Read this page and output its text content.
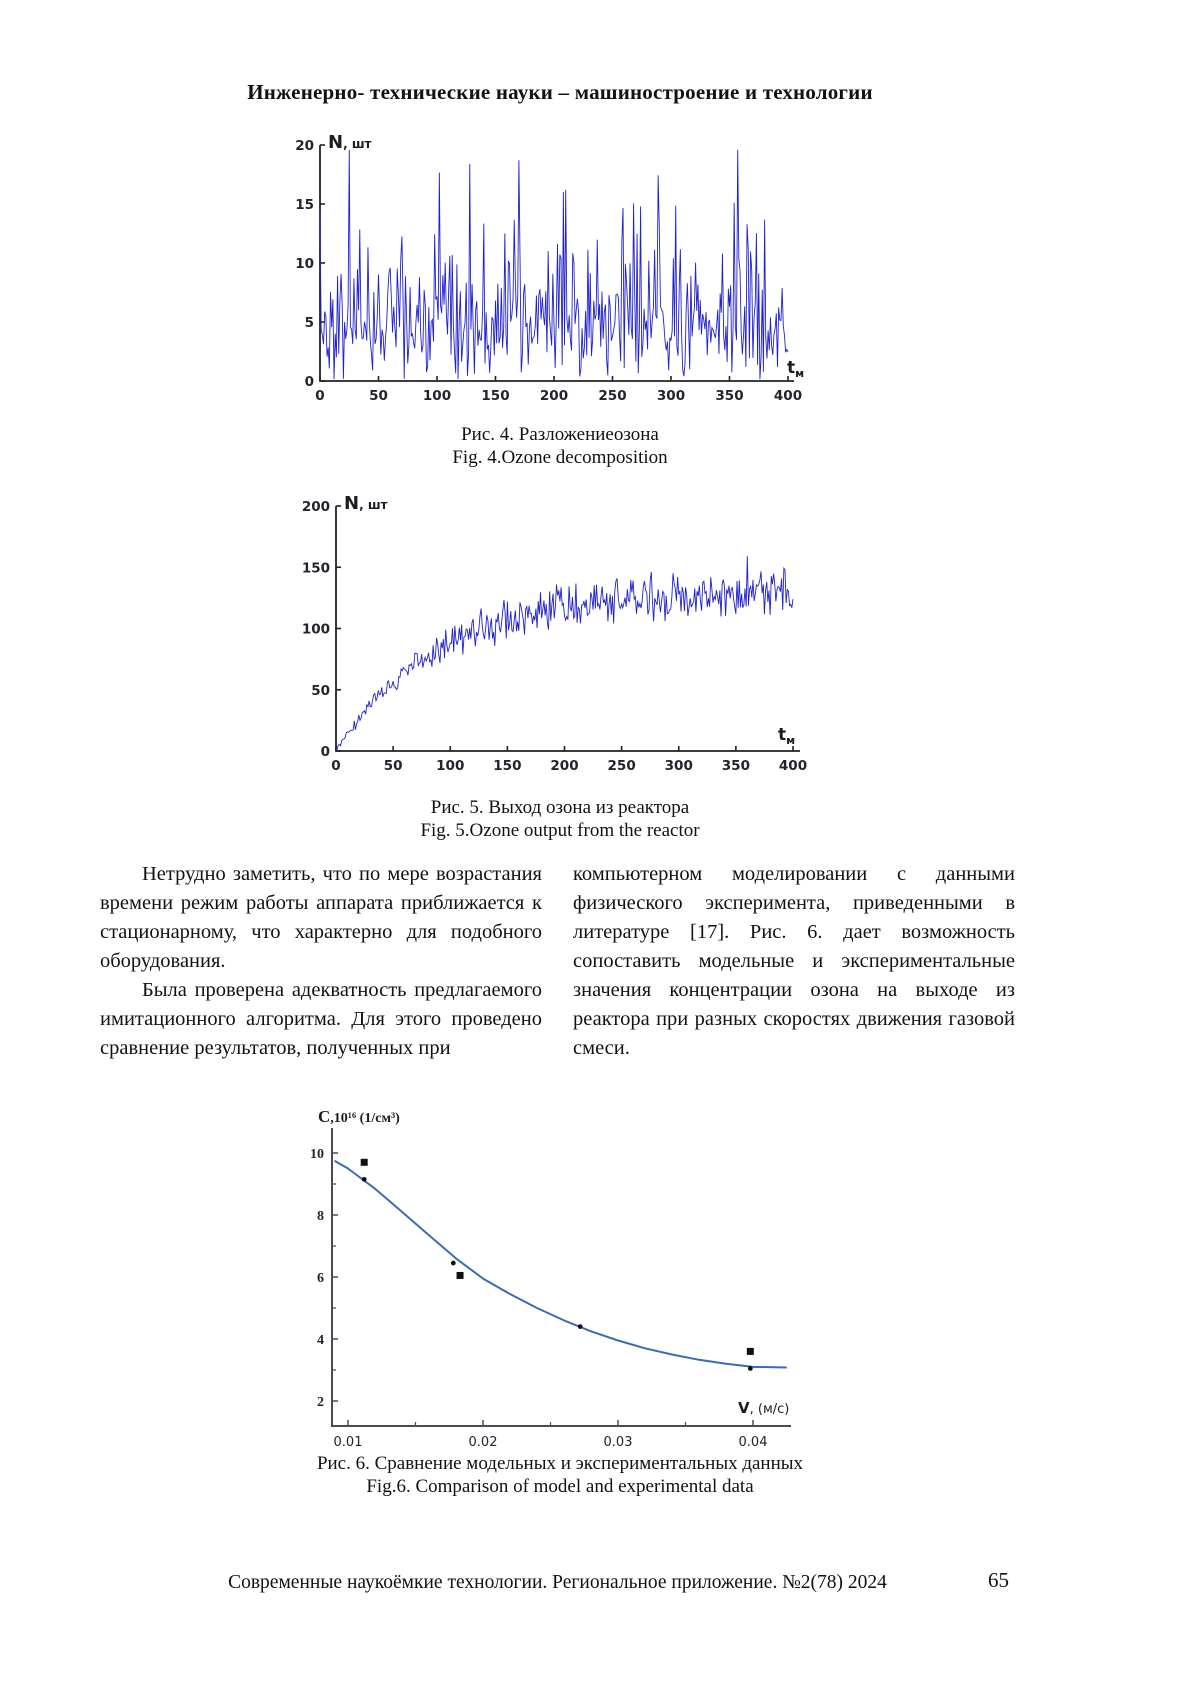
Инженерно- технические науки – машиностроение и технологии
0	50	100 150 200 250 300 350 400
0
5
10
15
20 N, шт
$t_м$
Рис. 4. Разложениеозона
Fig. 4.Ozone decomposition
0	50 100 150 200 250 300 350 400
0
50
100
150
200 N, шт
$t_м$
Рис. 5. Выход озона из реактора
Fig. 5.Ozone output from the reactor

Нетрудно заметить, что по мере возрастания времени режим работы аппарата приближается к стационарному, что характерно для подобного оборудования.

Была проверена адекватность предлагаемого имитационного алгоритма. Для этого проведено сравнение результатов, полученных при

компьютерном моделировании с данными физического эксперимента, приведенными в литературе [17]. Рис. 6. дает возможность сопоставить модельные и экспериментальные значения концентрации озона на выходе из реактора при разных скоростях движения газовой смеси.

0.01	0.02	0.03	0.04
2
4
6
8
10
C,10¹⁶ (1/см³)
V, (м/с)
Рис. 6. Сравнение модельных и экспериментальных данных
Fig.6. Comparison of model and experimental data
Современные наукоёмкие технологии. Региональное приложение. №2(78) 2024	65
